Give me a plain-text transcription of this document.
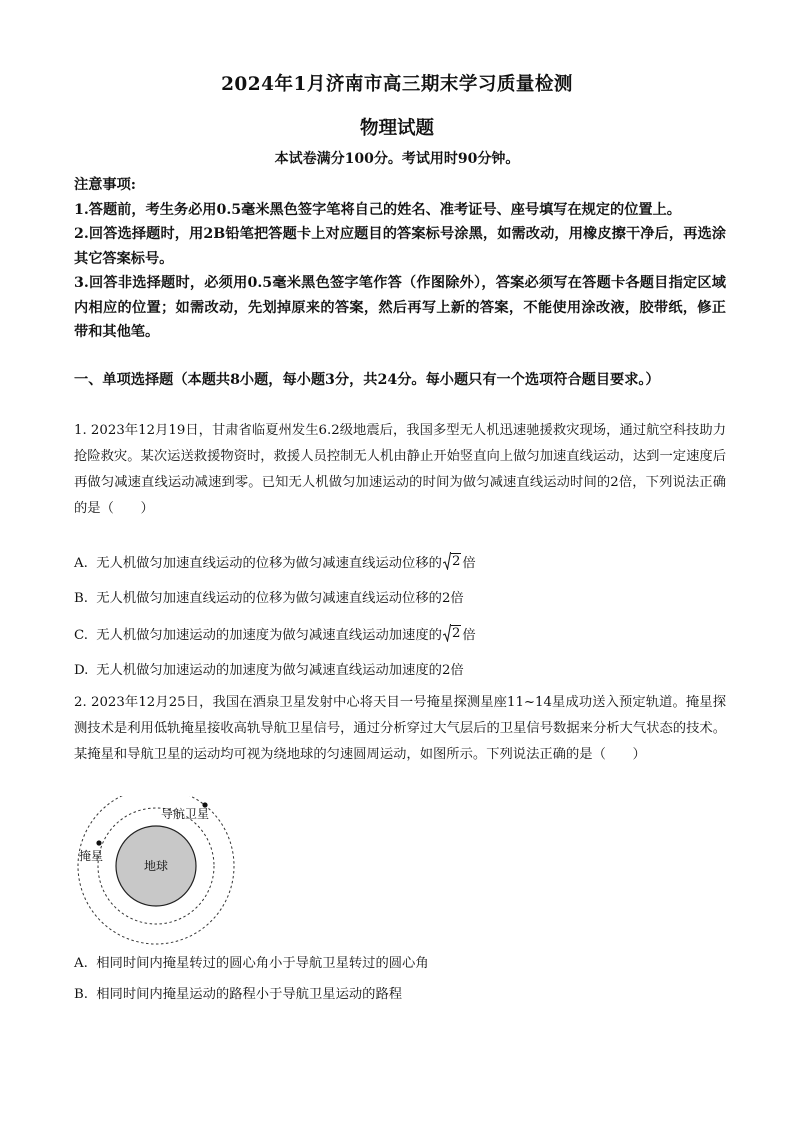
2024年1月济南市高三期末学习质量检测
物理试题
本试卷满分100分。考试用时90分钟。

注意事项:

1.答题前，考生务必用0.5毫米黑色签字笔将自己的姓名、准考证号、座号填写在规定的位置上。

2.回答选择题时，用2B铅笔把答题卡上对应题目的答案标号涂黑，如需改动，用橡皮擦干净后，再选涂其它答案标号。

3.回答非选择题时，必须用0.5毫米黑色签字笔作答（作图除外），答案必须写在答题卡各题目指定区域内相应的位置；如需改动，先划掉原来的答案，然后再写上新的答案，不能使用涂改液，胶带纸，修正带和其他笔。

一、单项选择题（本题共8小题，每小题3分，共24分。每小题只有一个选项符合题目要求。）
1. 2023年12月19日，甘肃省临夏州发生6.2级地震后，我国多型无人机迅速驰援救灾现场，通过航空科技助力抢险救灾。某次运送救援物资时，救援人员控制无人机由静止开始竖直向上做匀加速直线运动，达到一定速度后再做匀减速直线运动减速到零。已知无人机做匀加速运动的时间为做匀减速直线运动时间的2倍，下列说法正确的是（　　）
A. 无人机做匀加速直线运动的位移为做匀减速直线运动位移的 2 倍
B. 无人机做匀加速直线运动的位移为做匀减速直线运动位移的2倍
C. 无人机做匀加速运动的加速度为做匀减速直线运动加速度的 2 倍
D. 无人机做匀加速运动的加速度为做匀减速直线运动加速度的2倍
2. 2023年12月25日，我国在酒泉卫星发射中心将天目一号掩星探测星座11~14星成功送入预定轨道。掩星探测技术是利用低轨掩星接收高轨导航卫星信号，通过分析穿过大气层后的卫星信号数据来分析大气状态的技术。某掩星和导航卫星的运动均可视为绕地球的匀速圆周运动，如图所示。下列说法正确的是（　　）
地球
掩星
导航卫星
A. 相同时间内掩星转过的圆心角小于导航卫星转过的圆心角
B. 相同时间内掩星运动的路程小于导航卫星运动的路程
